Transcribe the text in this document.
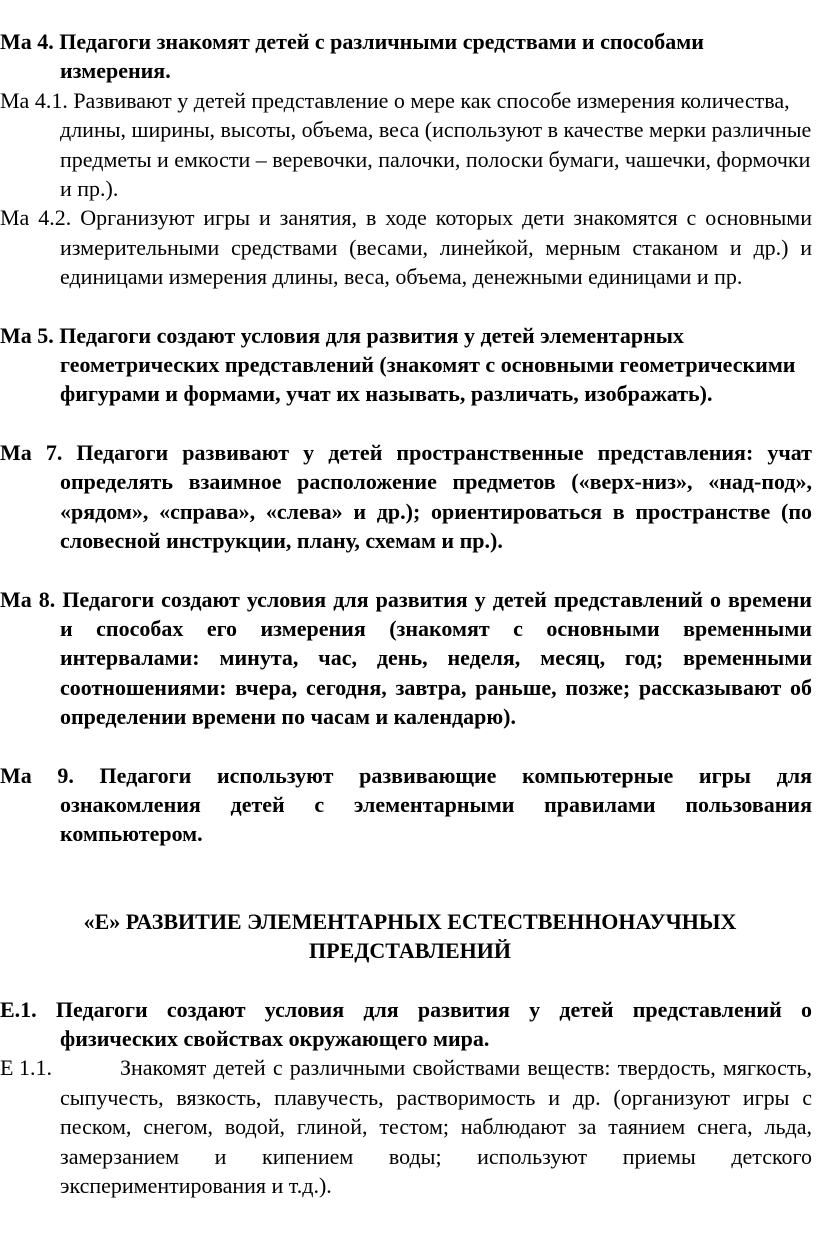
Ма 4. Педагоги знакомят детей с различными средствами и способами измерения.

Ма 4.1. Развивают у детей представление о мере как способе измерения количества, длины, ширины, высоты, объема, веса (используют в качестве мерки различные предметы и емкости – веревочки, палочки, полоски бумаги, чашечки, формочки и пр.).

Ма 4.2. Организуют игры и занятия, в ходе которых дети знакомятся с основными измерительными средствами (весами, линейкой, мерным стаканом и др.) и единицами измерения длины, веса, объема, денежными единицами и пр.

Ма 5. Педагоги создают условия для развития у детей элементарных геометрических представлений (знакомят с основными геометрическими фигурами и формами, учат их называть, различать, изображать).

Ма 7. Педагоги развивают у детей пространственные представления: учат определять взаимное расположение предметов («верх-низ», «над-под», «рядом», «справа», «слева» и др.); ориентироваться в пространстве (по словесной инструкции, плану, схемам и пр.).

Ма 8. Педагоги создают условия для развития у детей представлений о времени и способах его измерения (знакомят с основными временными интервалами: минута, час, день, неделя, месяц, год; временными соотношениями: вчера, сегодня, завтра, раньше, позже; рассказывают об определении времени по часам и календарю).

Ма 9. Педагоги используют развивающие компьютерные игры для ознакомления детей с элементарными правилами пользования компьютером.

«Е» РАЗВИТИЕ ЭЛЕМЕНТАРНЫХ ЕСТЕСТВЕННОНАУЧНЫХ

ПРЕДСТАВЛЕНИЙ

Е.1. Педагоги создают условия для развития у детей представлений о физических свойствах окружающего мира.

Е 1.1.	Знакомят детей с различными свойствами веществ: твердость, мягкость, сыпучесть, вязкость, плавучесть, растворимость и др. (организуют игры с песком, снегом, водой, глиной, тестом; наблюдают за таянием снега, льда, замерзанием и кипением воды; используют приемы детского экспериментирования и т.д.).
